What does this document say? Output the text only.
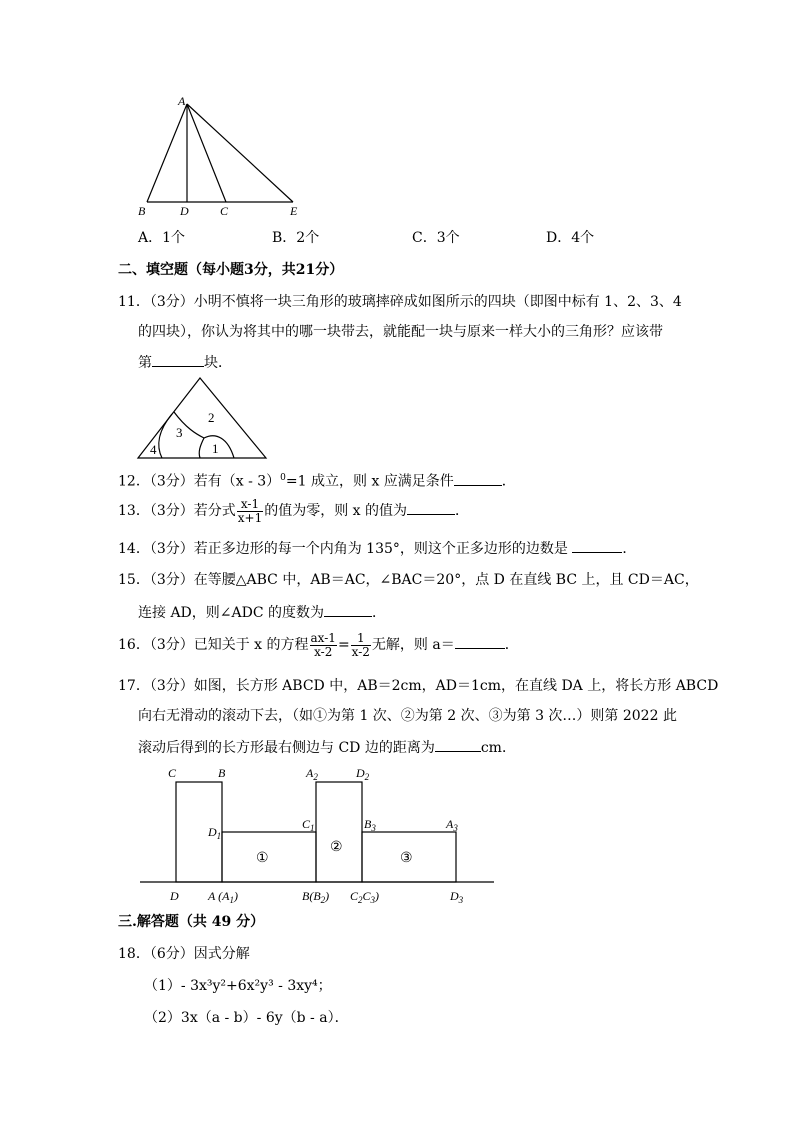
A
B	D	C	E
A．1个	B．2个	C．3个	D．4个
二、填空题（每小题3分，共21分）
11．（3分）小明不慎将一块三角形的玻璃摔碎成如图所示的四块（即图中标有 1、2、3、4
的四块），你认为将其中的哪一块带去，就能配一块与原来一样大小的三角形？应该带
第	块．
2
3
4	1
12．（3分）若有（x - 3）$^0$=1 成立，则 x 应满足条件	．
13．（3分）若分式 $\frac{x-1}{x+1}$ 的值为零，则 x 的值为	．
14．（3分）若正多边形的每一个内角为 135°，则这个正多边形的边数是	．
15．（3分）在等腰△ABC 中，AB＝AC，∠BAC＝20°，点 D 在直线 BC 上，且 CD＝AC，
连接 AD，则∠ADC 的度数为	．
16．（3分）已知关于 x 的方程 $\frac{ax-1}{x-2} = \frac{1}{x-2}$ 无解，则 a＝	．
17．（3分）如图，长方形 ABCD 中，AB＝2cm，AD＝1cm，在直线 DA 上，将长方形 ABCD
向右无滑动的滚动下去，（如①为第 1 次、②为第 2 次、③为第 3 次…）则第 2022 此
滚动后得到的长方形最右侧边与 CD 边的距离为	cm．
C	B	$A_2$	$D_2$
$D_1$
$C_1$	$B_3$	$A_3$
①
②
③
D A $(A_1)$	$B(B_2)$ $C_2C_3$)	$D_3$
三.解答题（共 49 分）
18．（6分）因式分解
（1）- 3x³y²+6x²y³ - 3xy⁴；
（2）3x（a - b）- 6y（b - a）．
